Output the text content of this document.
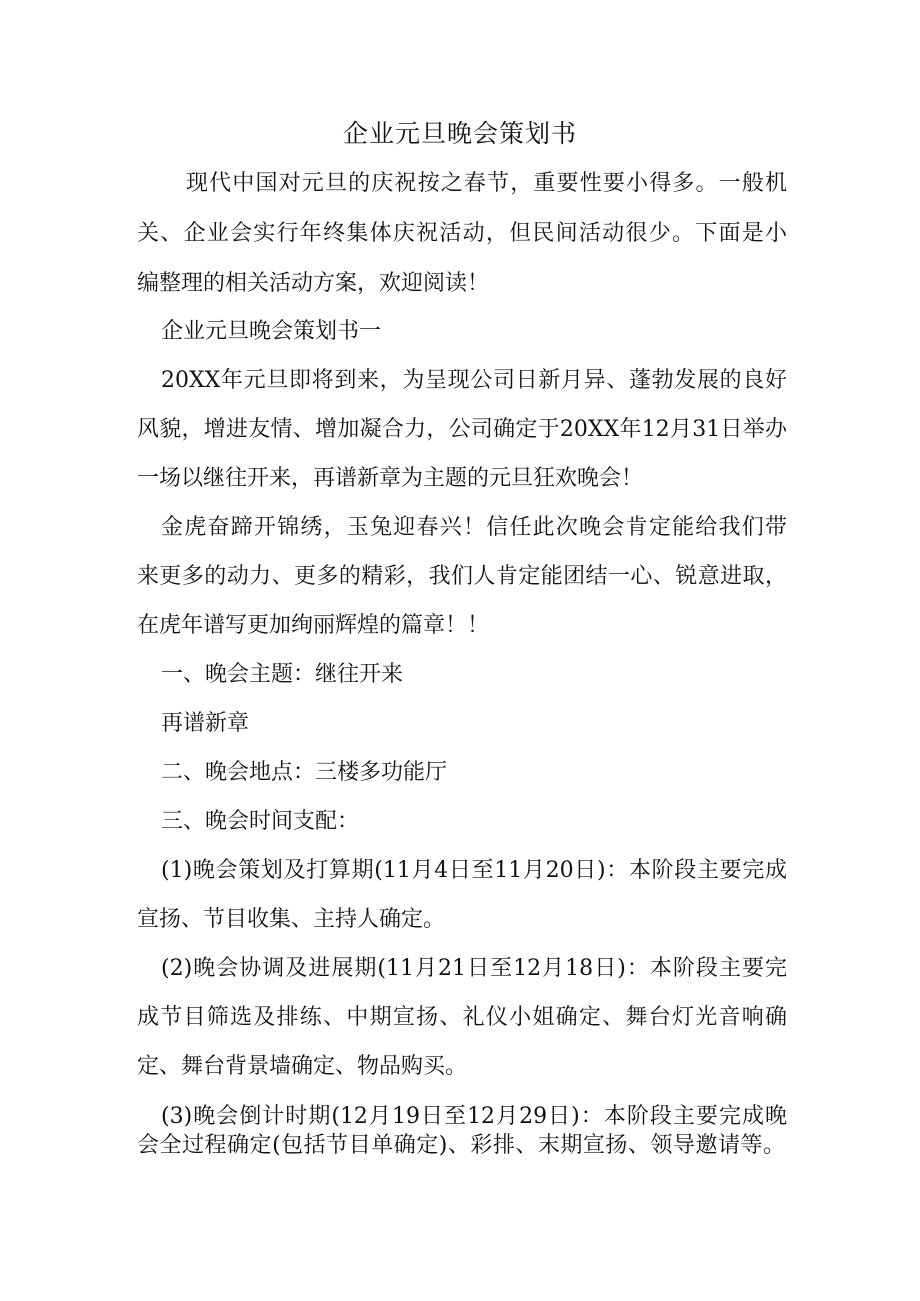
企业元旦晚会策划书
现代中国对元旦的庆祝按之春节，重要性要小得多。一般机
关、企业会实行年终集体庆祝活动，但民间活动很少。下面是小
编整理的相关活动方案，欢迎阅读！
企业元旦晚会策划书一
20XX年元旦即将到来，为呈现公司日新月异、蓬勃发展的良好
风貌，增进友情、增加凝合力，公司确定于20XX年12月31日举办
一场以继往开来，再谱新章为主题的元旦狂欢晚会！
金虎奋蹄开锦绣，玉兔迎春兴！信任此次晚会肯定能给我们带
来更多的动力、更多的精彩，我们人肯定能团结一心、锐意进取，
在虎年谱写更加绚丽辉煌的篇章！！
一、晚会主题：继往开来
再谱新章
二、晚会地点：三楼多功能厅
三、晚会时间支配：
(1)晚会策划及打算期(11月4日至11月20日)：本阶段主要完成
宣扬、节目收集、主持人确定。
(2)晚会协调及进展期(11月21日至12月18日)：本阶段主要完
成节目筛选及排练、中期宣扬、礼仪小姐确定、舞台灯光音响确
定、舞台背景墙确定、物品购买。
(3)晚会倒计时期(12月19日至12月29日)：本阶段主要完成晚
会全过程确定(包括节目单确定)、彩排、末期宣扬、领导邀请等。
